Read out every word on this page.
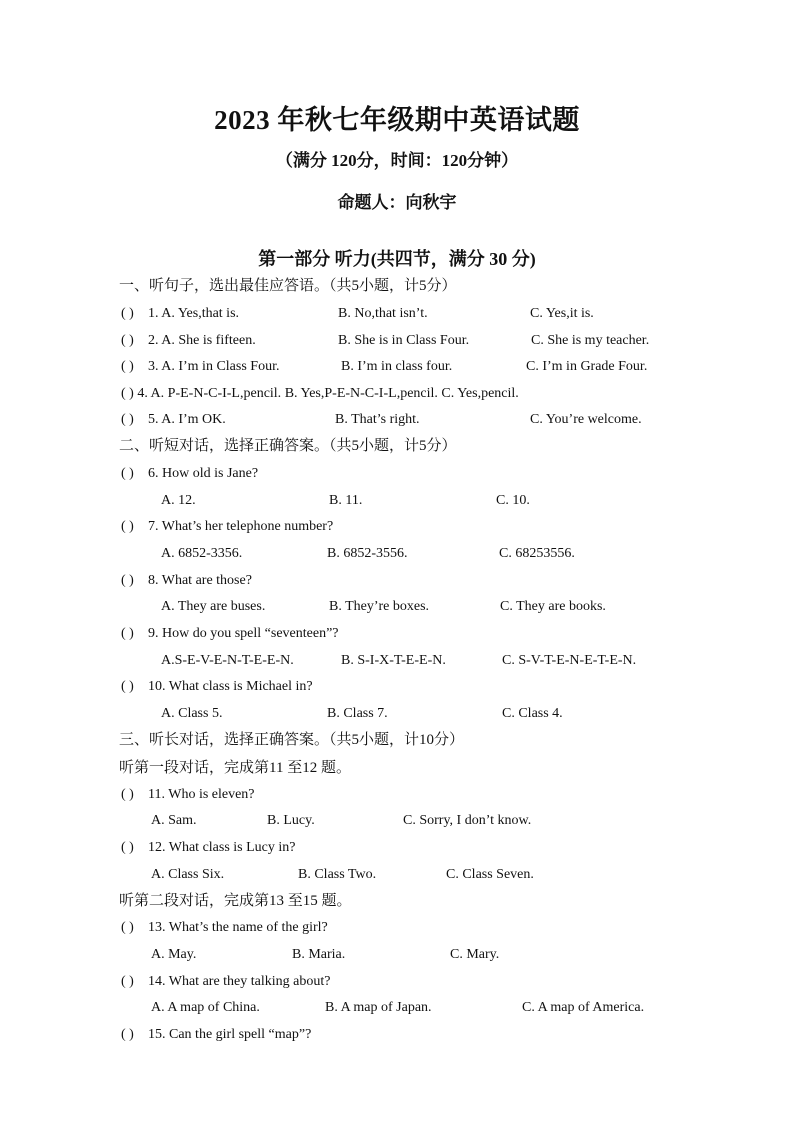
2023 年秋七年级期中英语试题
（满分 120分，时间：120分钟）
命题人：向秋宇
第一部分 听力(共四节，满分 30 分)
一、听句子，选出最佳应答语。（共5小题，计5分）
( ) 1. A. Yes,that is.	B. No,that isn’t.	C. Yes,it is.
( ) 2. A. She is fifteen.	B. She is in Class Four.	C. She is my teacher.
( ) 3. A. I’m in Class Four.	B. I’m in class four.	C. I’m in Grade Four.
( ) 4. A. P-E-N-C-I-L,pencil. B. Yes,P-E-N-C-I-L,pencil. C. Yes,pencil.
( ) 5. A. I’m OK.	B. That’s right.	C. You’re welcome.
二、听短对话，选择正确答案。（共5小题，计5分）
( ) 6. How old is Jane?
A. 12.	B. 11.	C. 10.
( ) 7. What’s her telephone number?
A. 6852-3356.	B. 6852-3556.	C. 68253556.
( ) 8. What are those?
A. They are buses.	B. They’re boxes.	C. They are books.
( ) 9. How do you spell “seventeen”?
A.S-E-V-E-N-T-E-E-N.	B. S-I-X-T-E-E-N.	C. S-V-T-E-N-E-T-E-N.
( ) 10. What class is Michael in?
A. Class 5.	B. Class 7.	C. Class 4.
三、听长对话，选择正确答案。（共5小题，计10分）
听第一段对话，完成第11 至12 题。
( ) 11. Who is eleven?
A. Sam.	B. Lucy.	C. Sorry, I don’t know.
( ) 12. What class is Lucy in?
A. Class Six.	B. Class Two.	C. Class Seven.
听第二段对话，完成第13 至15 题。
( ) 13. What’s the name of the girl?
A. May.	B. Maria.	C. Mary.
( ) 14. What are they talking about?
A. A map of China.	B. A map of Japan.	C. A map of America.
( ) 15. Can the girl spell “map”?
